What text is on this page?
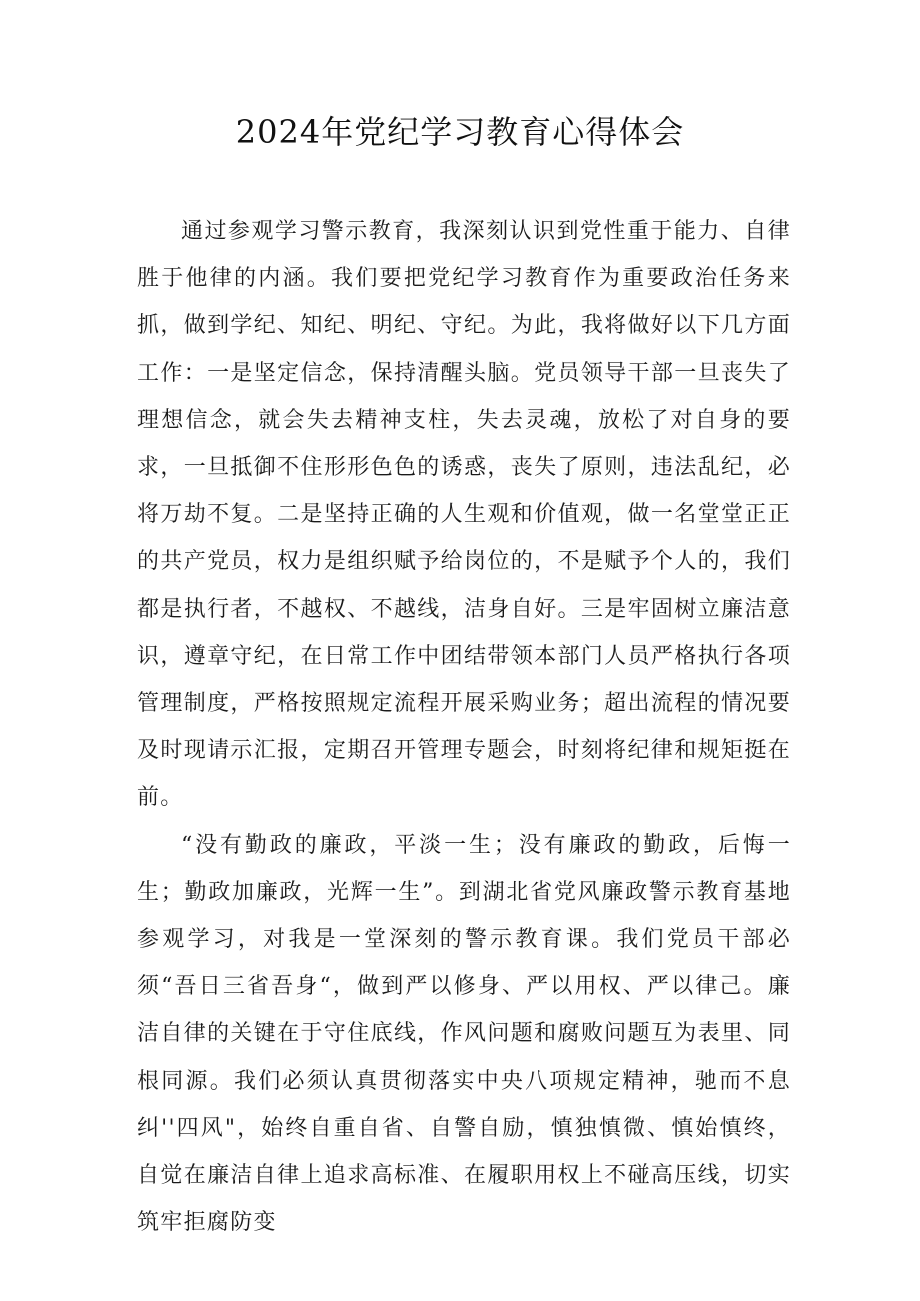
2024年党纪学习教育心得体会

通过参观学习警示教育，我深刻认识到党性重于能力、自律胜于他律的内涵。我们要把党纪学习教育作为重要政治任务来抓，做到学纪、知纪、明纪、守纪。为此，我将做好以下几方面工作：一是坚定信念，保持清醒头脑。党员领导干部一旦丧失了理想信念，就会失去精神支柱，失去灵魂，放松了对自身的要求，一旦抵御不住形形色色的诱惑，丧失了原则，违法乱纪，必将万劫不复。二是坚持正确的人生观和价值观，做一名堂堂正正的共产党员，权力是组织赋予给岗位的，不是赋予个人的，我们都是执行者，不越权、不越线，洁身自好。三是牢固树立廉洁意识，遵章守纪，在日常工作中团结带领本部门人员严格执行各项管理制度，严格按照规定流程开展采购业务；超出流程的情况要及时现请示汇报，定期召开管理专题会，时刻将纪律和规矩挺在前。

“没有勤政的廉政，平淡一生；没有廉政的勤政，后悔一生；勤政加廉政，光辉一生”。到湖北省党风廉政警示教育基地参观学习，对我是一堂深刻的警示教育课。我们党员干部必须“吾日三省吾身“，做到严以修身、严以用权、严以律己。廉洁自律的关键在于守住底线，作风问题和腐败问题互为表里、同根同源。我们必须认真贯彻落实中央八项规定精神，驰而不息纠''四风"，始终自重自省、自警自励，慎独慎微、慎始慎终，自觉在廉洁自律上追求高标准、在履职用权上不碰高压线，切实筑牢拒腐防变
